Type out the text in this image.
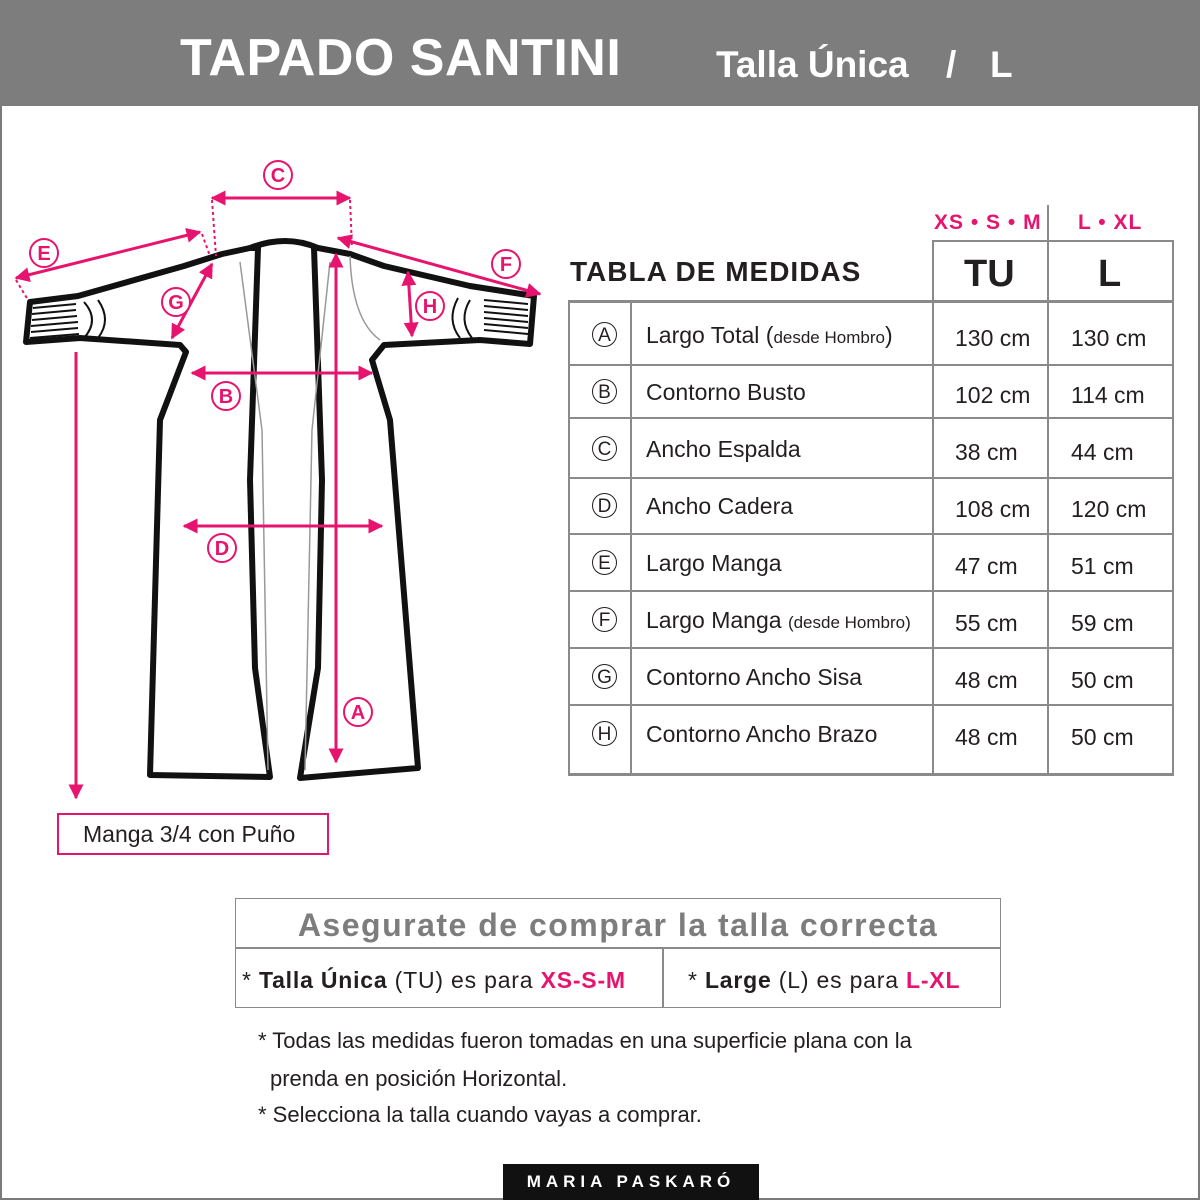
TAPADO SANTINI	Talla Única / L
C
E	F
G	H
B
D
A
Manga 3/4 con Puño
XS • S • M L • XL
TABLA DE MEDIDAS	TU L
A Largo Total (desde Hombro)	130 cm 130 cm
B Contorno Busto	102 cm 114 cm
C Ancho Espalda	38 cm 44 cm
D Ancho Cadera	108 cm 120 cm
E Largo Manga	47 cm 51 cm
F Largo Manga (desde Hombro) 55 cm 59 cm
G Contorno Ancho Sisa	48 cm 50 cm
H Contorno Ancho Brazo	48 cm 50 cm
Asegurate de comprar la talla correcta
* Talla Única (TU) es para XS-S-M	* Large (L) es para L-XL
* Todas las medidas fueron tomadas en una superficie plana con la
prenda en posición Horizontal.
* Selecciona la talla cuando vayas a comprar.
MARIA PASKARÓ
